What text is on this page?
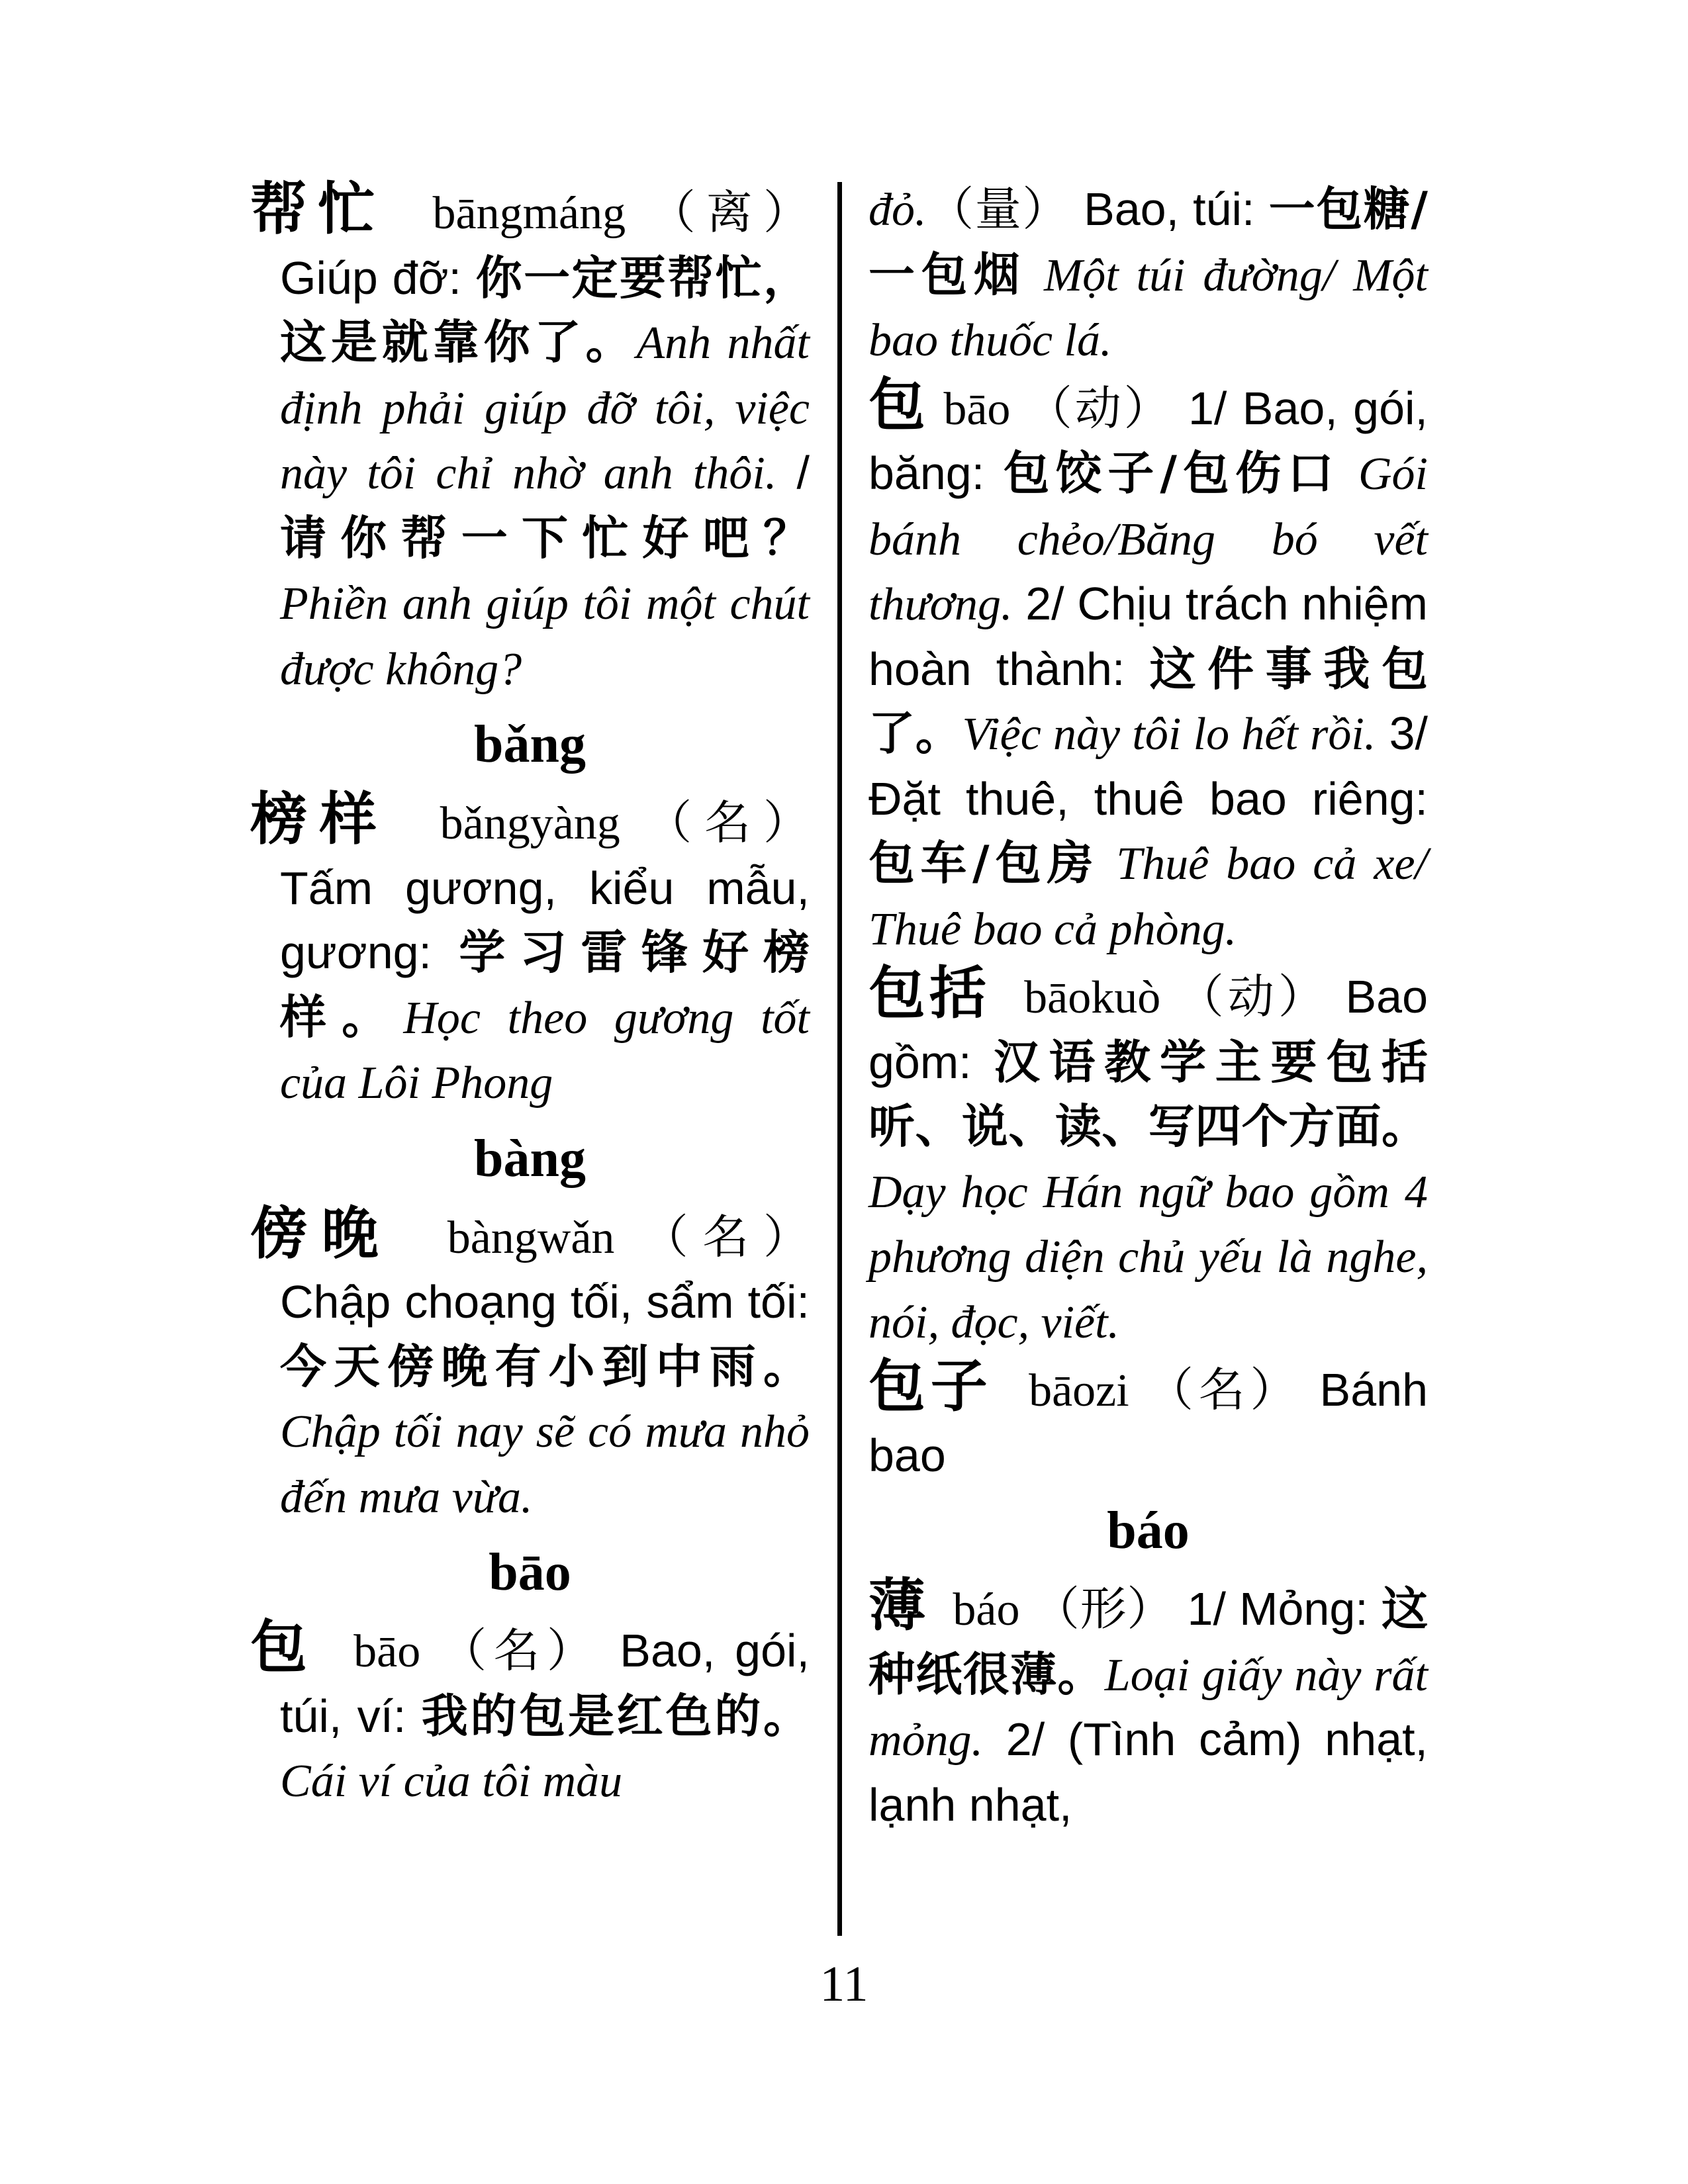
帮忙 bāngmáng （离） Giúp đỡ: 你一定要帮忙，这是就靠你了。Anh nhất định phải giúp đỡ tôi, việc này tôi chỉ nhờ anh thôi. / 请你帮一下忙好吧？ Phiền anh giúp tôi một chút được không?

bǎng

榜样 bǎngyàng （名） Tấm gương, kiểu mẫu, gương: 学习雷锋好榜样。Học theo gương tốt của Lôi Phong

bàng

傍晚 bàngwǎn （名） Chập choạng tối, sẩm tối: 今天傍晚有小到中雨。Chập tối nay sẽ có mưa nhỏ đến mưa vừa.

bāo

包 bāo （名） Bao, gói, túi, ví: 我的包是红色的。Cái ví của tôi màu

đỏ.（量） Bao, túi: 一包糖/一包烟 Một túi đường/ Một bao thuốc lá.

包 bāo （动） 1/ Bao, gói, băng: 包饺子/包伤口 Gói bánh chẻo/Băng bó vết thương. 2/ Chịu trách nhiệm hoàn thành: 这件事我包了。Việc này tôi lo hết rồi. 3/ Đặt thuê, thuê bao riêng: 包车/包房 Thuê bao cả xe/ Thuê bao cả phòng.

包括 bāokuò （动） Bao gồm: 汉语教学主要包括听、说、读、写四个方面。 Dạy học Hán ngữ bao gồm 4 phương diện chủ yếu là nghe, nói, đọc, viết.

包子 bāozi （名） Bánh bao

báo

薄 báo （形） 1/ Mỏng: 这种纸很薄。Loại giấy này rất mỏng. 2/ (Tình cảm) nhạt, lạnh nhạt,

11
